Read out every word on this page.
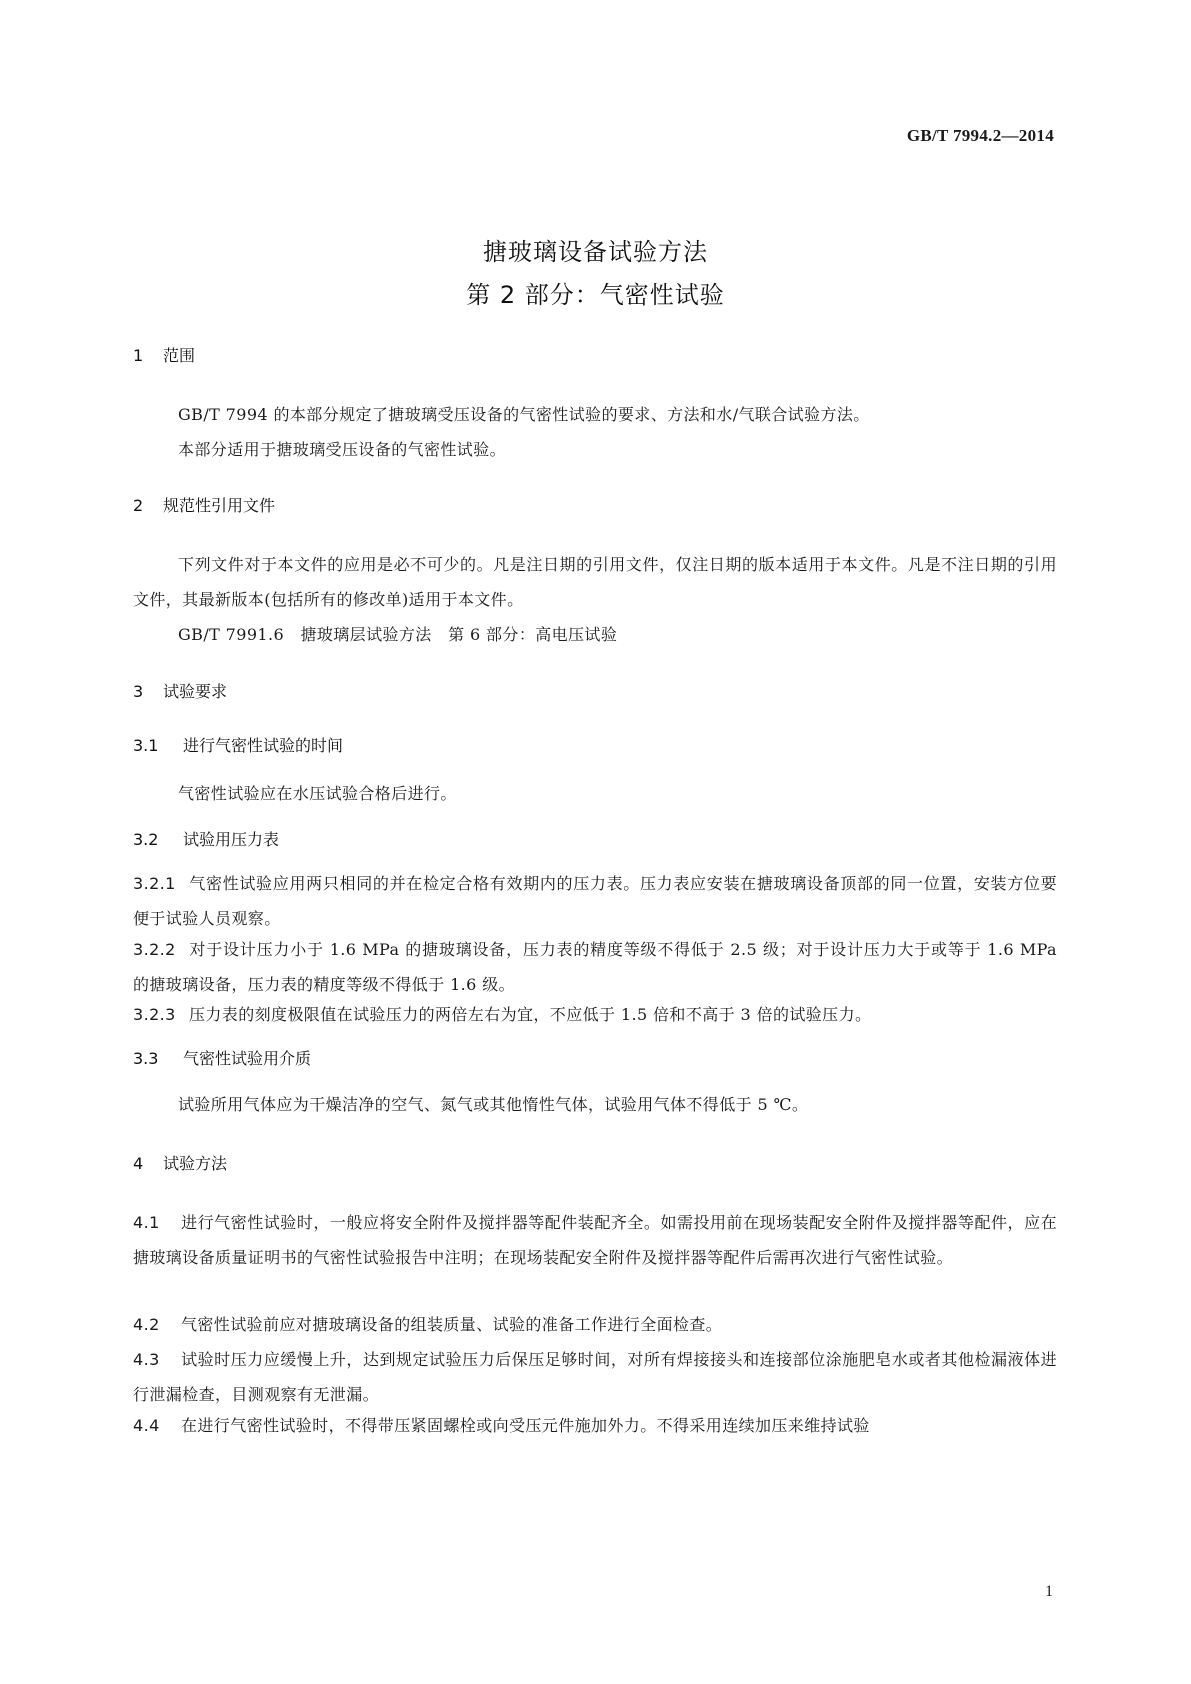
GB/T 7994.2—2014
搪玻璃设备试验方法
第 2 部分：气密性试验
1 范围

GB/T 7994 的本部分规定了搪玻璃受压设备的气密性试验的要求、方法和水/气联合试验方法。

本部分适用于搪玻璃受压设备的气密性试验。

2 规范性引用文件

下列文件对于本文件的应用是必不可少的。凡是注日期的引用文件，仅注日期的版本适用于本文件。凡是不注日期的引用文件，其最新版本(包括所有的修改单)适用于本文件。

GB/T 7991.6　搪玻璃层试验方法　第 6 部分：高电压试验

3 试验要求
3.1 进行气密性试验的时间

气密性试验应在水压试验合格后进行。

3.2 试验用压力表

3.2.1 气密性试验应用两只相同的并在检定合格有效期内的压力表。压力表应安装在搪玻璃设备顶部的同一位置，安装方位要便于试验人员观察。

3.2.2 对于设计压力小于 1.6 MPa 的搪玻璃设备，压力表的精度等级不得低于 2.5 级；对于设计压力大于或等于 1.6 MPa 的搪玻璃设备，压力表的精度等级不得低于 1.6 级。

3.2.3 压力表的刻度极限值在试验压力的两倍左右为宜，不应低于 1.5 倍和不高于 3 倍的试验压力。

3.3 气密性试验用介质

试验所用气体应为干燥洁净的空气、氮气或其他惰性气体，试验用气体不得低于 5 ℃。

4 试验方法

4.1 进行气密性试验时，一般应将安全附件及搅拌器等配件装配齐全。如需投用前在现场装配安全附件及搅拌器等配件，应在搪玻璃设备质量证明书的气密性试验报告中注明；在现场装配安全附件及搅拌器等配件后需再次进行气密性试验。

4.2 气密性试验前应对搪玻璃设备的组装质量、试验的准备工作进行全面检查。

4.3 试验时压力应缓慢上升，达到规定试验压力后保压足够时间，对所有焊接接头和连接部位涂施肥皂水或者其他检漏液体进行泄漏检查，目测观察有无泄漏。

4.4 在进行气密性试验时，不得带压紧固螺栓或向受压元件施加外力。不得采用连续加压来维持试验

1
